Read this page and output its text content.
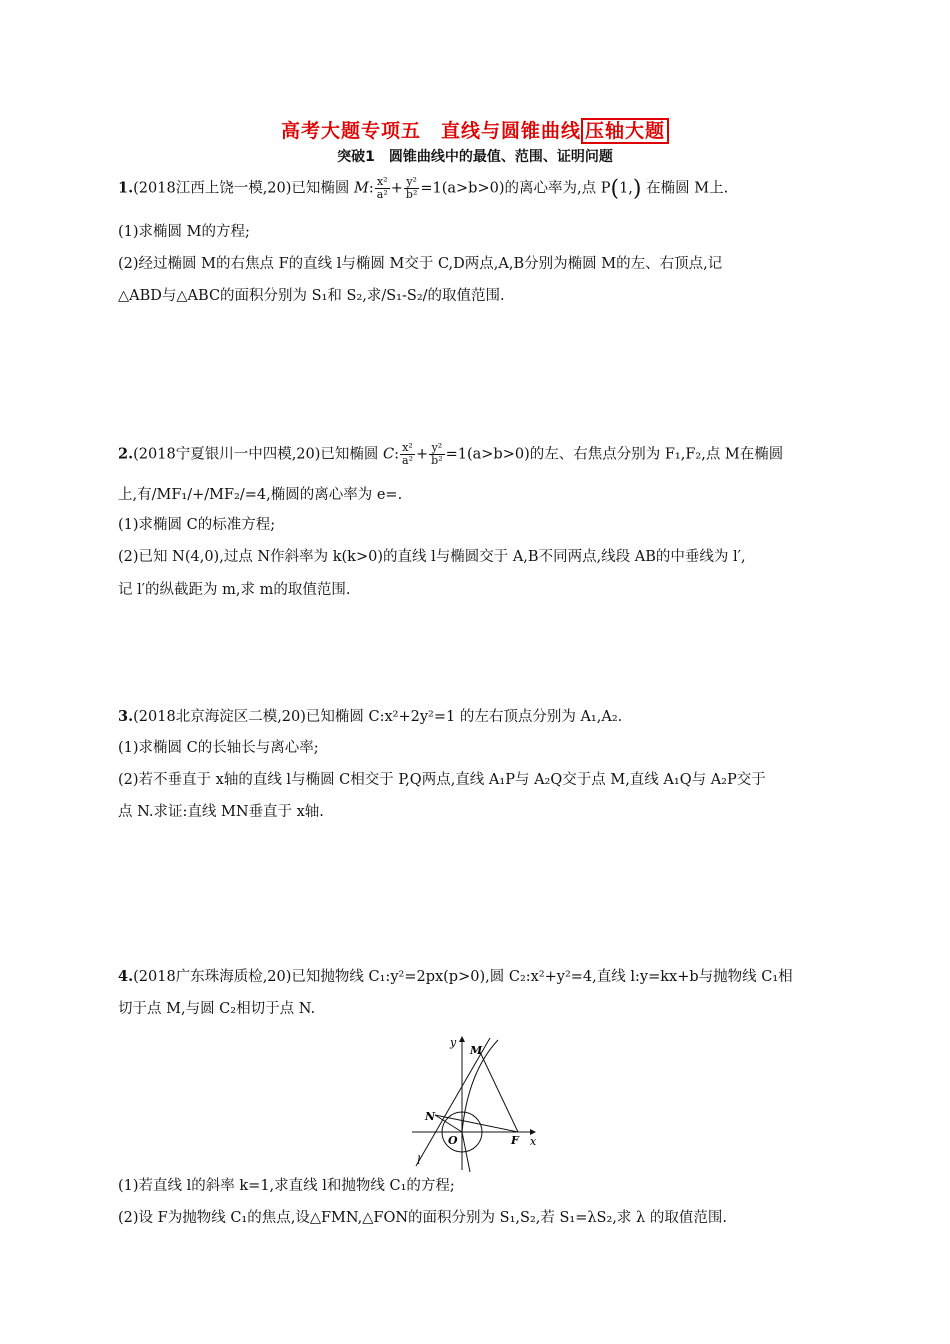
高考大题专项五　直线与圆锥曲线 压轴大题
突破1　圆锥曲线中的最值、范围、证明问题
1.(2018江西上饶一模,20)已知椭圆 M: $\frac{\text{x²}}{\text{a²}} + \frac{\text{y²}}{\text{b²}} =1(a>b>0)$的离心率为,点 P(1,) 在椭圆 M上.
(1)求椭圆 M的方程;
(2)经过椭圆 M的右焦点 F的直线 l与椭圆 M交于 C,D两点,A,B分别为椭圆 M的左、右顶点,记
△ABD与△ABC的面积分别为 S₁和 S₂,求/S₁-S₂/的取值范围.
2.(2018宁夏银川一中四模,20)已知椭圆 C: $\frac{\text{x²}}{\text{a²}} + \frac{\text{y²}}{\text{b²}} =1(a>b>0)$的左、右焦点分别为 F₁,F₂,点 M在椭圆
上,有/MF₁/+/MF₂/=4,椭圆的离心率为 e=.
(1)求椭圆 C的标准方程;
(2)已知 N(4,0),过点 N作斜率为 k(k>0)的直线 l与椭圆交于 A,B不同两点,线段 AB的中垂线为 l′,
记 l′的纵截距为 m,求 m的取值范围.
3.(2018北京海淀区二模,20)已知椭圆 C:x²+2y²=1 的左右顶点分别为 A₁,A₂.
(1)求椭圆 C的长轴长与离心率;
(2)若不垂直于 x轴的直线 l与椭圆 C相交于 P,Q两点,直线 A₁P与 A₂Q交于点 M,直线 A₁Q与 A₂P交于
点 N.求证:直线 MN垂直于 x轴.
4.(2018广东珠海质检,20)已知抛物线 C₁:y²=2px(p>0),圆 C₂:x²+y²=4,直线 l:y=kx+b与抛物线 C₁相
切于点 M,与圆 C₂相切于点 N.
y
x
M
N
O	F
l
(1)若直线 l的斜率 k=1,求直线 l和抛物线 C₁的方程;
(2)设 F为抛物线 C₁的焦点,设△FMN,△FON的面积分别为 S₁,S₂,若 S₁=λS₂,求 λ 的取值范围.
